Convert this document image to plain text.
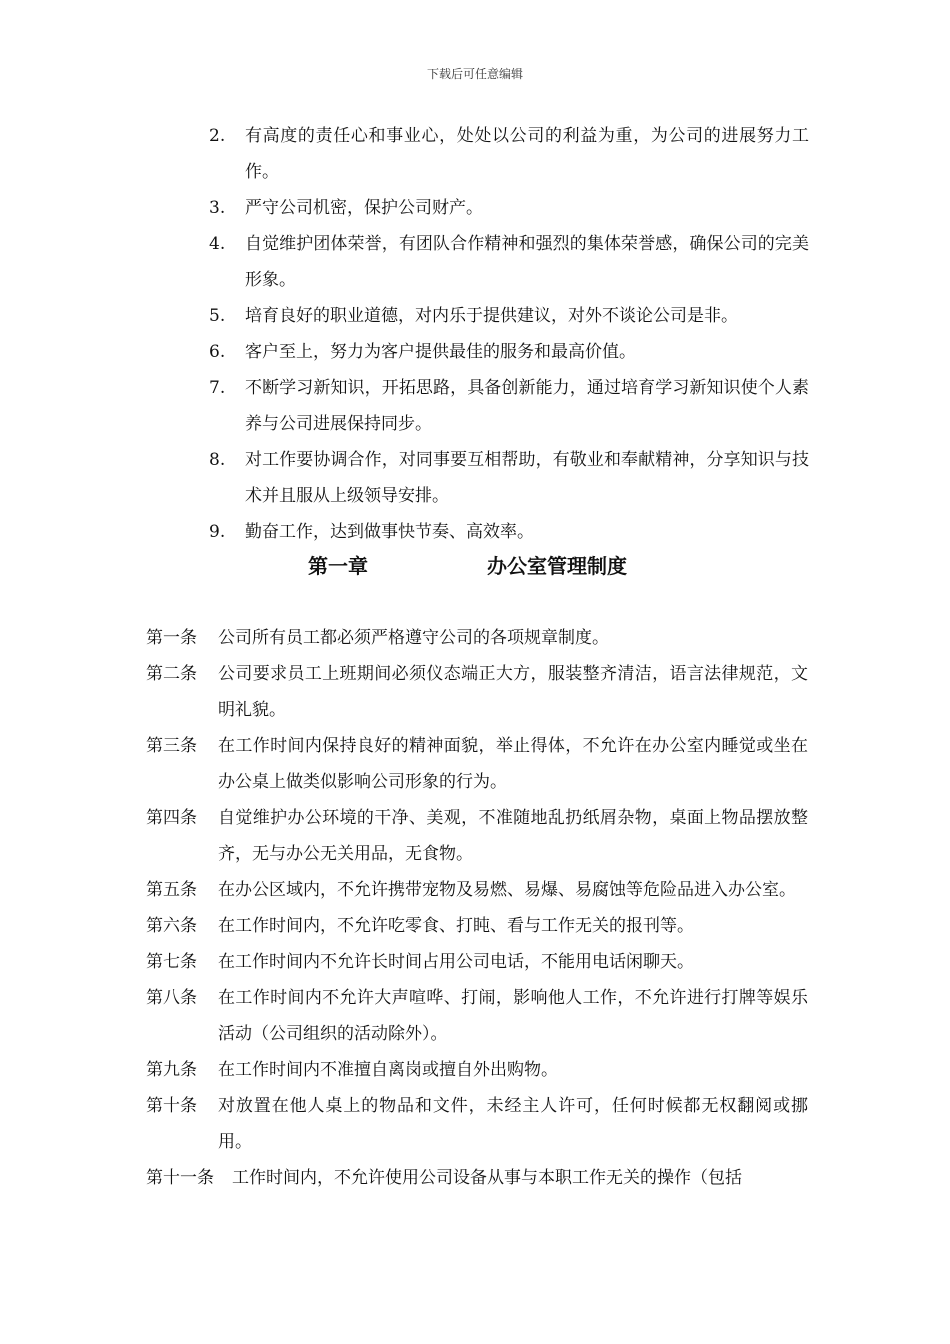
下载后可任意编辑
2.	有高度的责任心和事业心，处处以公司的利益为重，为公司的进展努力工作。
3.	严守公司机密，保护公司财产。
4.	自觉维护团体荣誉，有团队合作精神和强烈的集体荣誉感，确保公司的完美形象。
5.	培育良好的职业道德，对内乐于提供建议，对外不谈论公司是非。
6.	客户至上，努力为客户提供最佳的服务和最高价值。
7.	不断学习新知识，开拓思路，具备创新能力，通过培育学习新知识使个人素养与公司进展保持同步。
8.	对工作要协调合作，对同事要互相帮助，有敬业和奉献精神，分享知识与技术并且服从上级领导安排。
9.	勤奋工作，达到做事快节奏、高效率。
第一章	办公室管理制度
第一条	公司所有员工都必须严格遵守公司的各项规章制度。
第二条	公司要求员工上班期间必须仪态端正大方，服装整齐清洁，语言法律规范，文明礼貌。
第三条	在工作时间内保持良好的精神面貌，举止得体，不允许在办公室内睡觉或坐在办公桌上做类似影响公司形象的行为。
第四条	自觉维护办公环境的干净、美观，不准随地乱扔纸屑杂物，桌面上物品摆放整齐，无与办公无关用品，无食物。
第五条	在办公区域内，不允许携带宠物及易燃、易爆、易腐蚀等危险品进入办公室。
第六条	在工作时间内，不允许吃零食、打盹、看与工作无关的报刊等。
第七条	在工作时间内不允许长时间占用公司电话，不能用电话闲聊天。
第八条	在工作时间内不允许大声喧哗、打闹，影响他人工作，不允许进行打牌等娱乐活动（公司组织的活动除外）。
第九条	在工作时间内不准擅自离岗或擅自外出购物。
第十条	对放置在他人桌上的物品和文件，未经主人许可，任何时候都无权翻阅或挪用。
第十一条	工作时间内，不允许使用公司设备从事与本职工作无关的操作（包括
